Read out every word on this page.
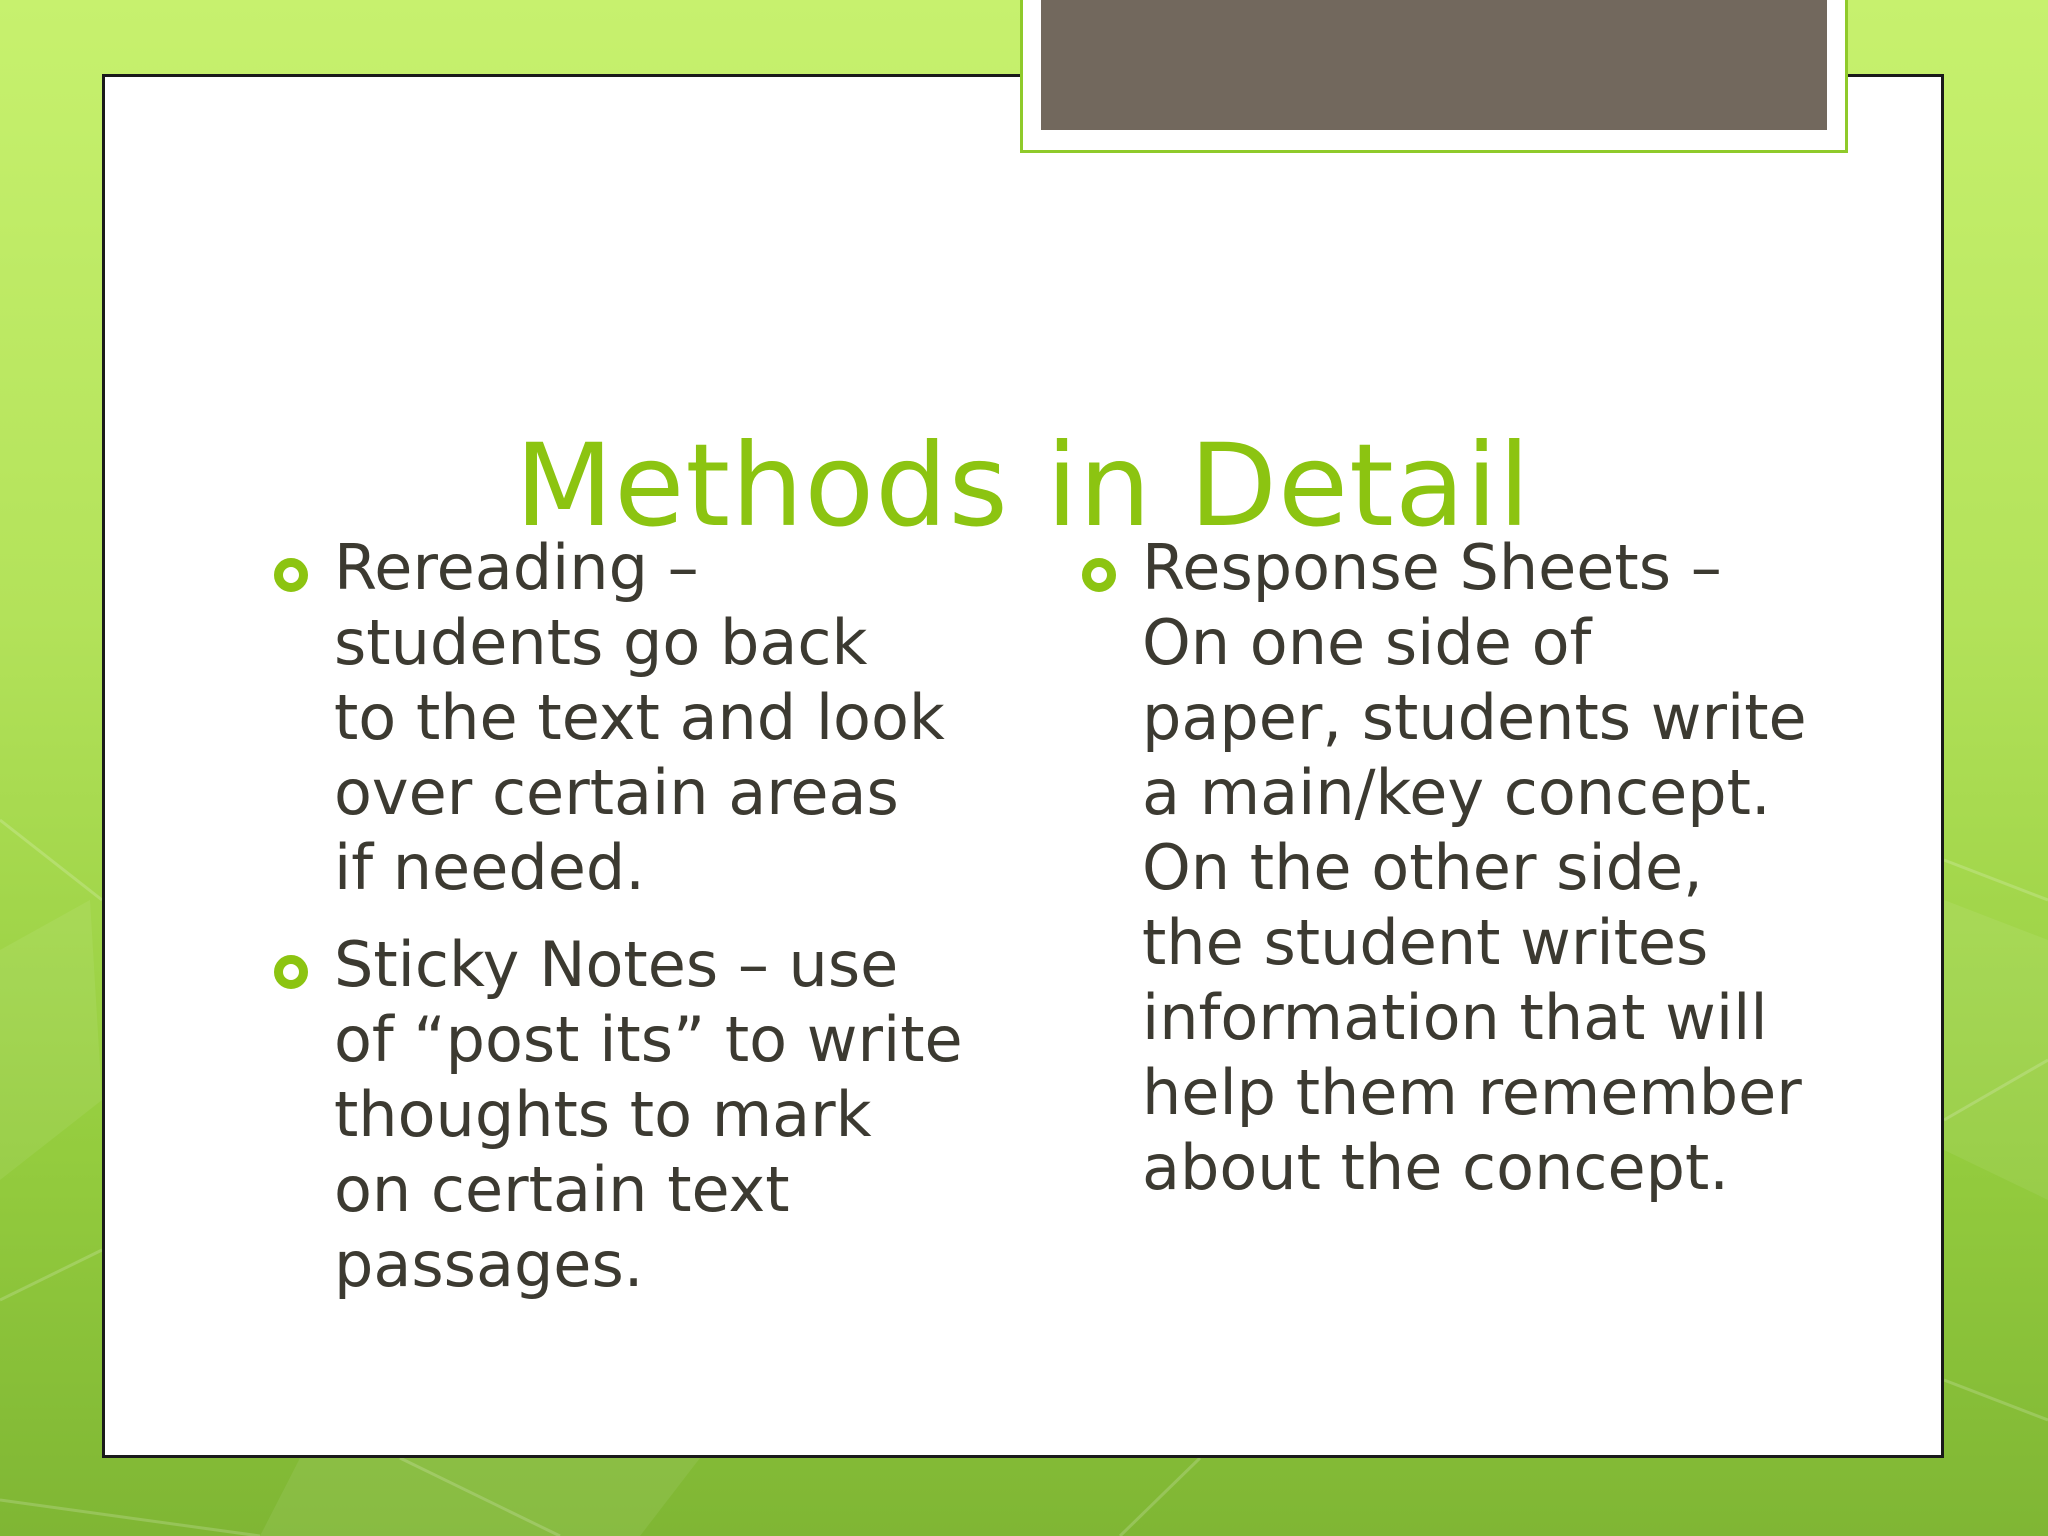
Methods in Detail
Rereading –
students go back
to the text and look
over certain areas
if needed.
Sticky Notes – use
of “post its” to write
thoughts to mark
on certain text
passages.
Response Sheets –
On one side of
paper, students write
a main/key concept.
On the other side,
the student writes
information that will
help them remember
about the concept.
